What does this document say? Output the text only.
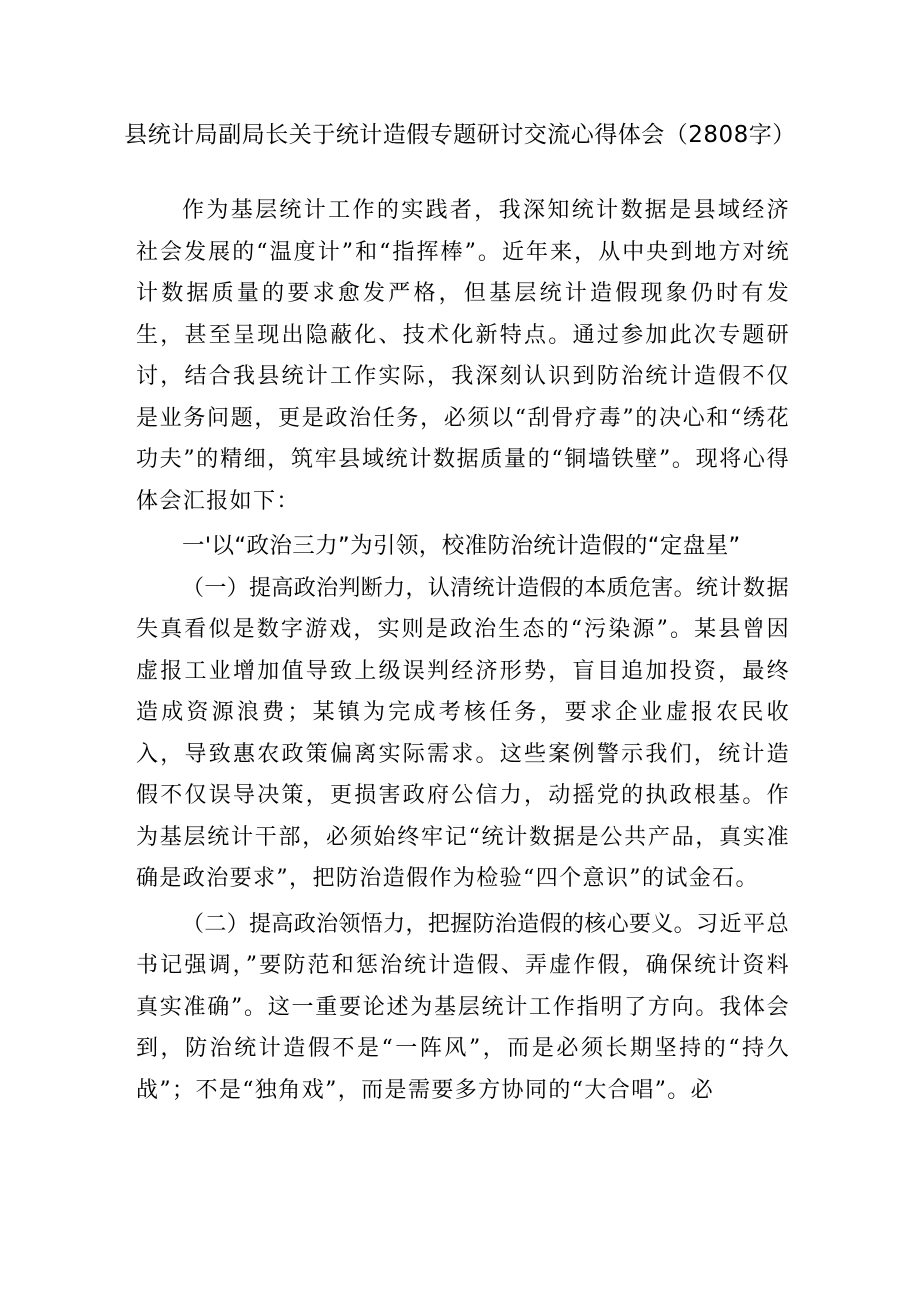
县统计局副局长关于统计造假专题研讨交流心得体会（2808字）

作为基层统计工作的实践者，我深知统计数据是县域经济社会发展的“温度计”和“指挥棒”。近年来，从中央到地方对统计数据质量的要求愈发严格，但基层统计造假现象仍时有发生，甚至呈现出隐蔽化、技术化新特点。通过参加此次专题研讨，结合我县统计工作实际，我深刻认识到防治统计造假不仅是业务问题，更是政治任务，必须以“刮骨疗毒”的决心和“绣花功夫”的精细，筑牢县域统计数据质量的“铜墙铁壁”。现将心得体会汇报如下：

一'以“政治三力”为引领，校准防治统计造假的“定盘星”

（一）提高政治判断力，认清统计造假的本质危害。统计数据失真看似是数字游戏，实则是政治生态的“污染源”。某县曾因虚报工业增加值导致上级误判经济形势，盲目追加投资，最终造成资源浪费；某镇为完成考核任务，要求企业虚报农民收入，导致惠农政策偏离实际需求。这些案例警示我们，统计造假不仅误导决策，更损害政府公信力，动摇党的执政根基。作为基层统计干部，必须始终牢记“统计数据是公共产品，真实准确是政治要求”，把防治造假作为检验“四个意识”的试金石。

（二）提高政治领悟力，把握防治造假的核心要义。习近平总书记强调，”要防范和惩治统计造假、弄虚作假，确保统计资料真实准确”。这一重要论述为基层统计工作指明了方向。我体会到，防治统计造假不是“一阵风”，而是必须长期坚持的“持久战”；不是“独角戏”，而是需要多方协同的“大合唱”。必
